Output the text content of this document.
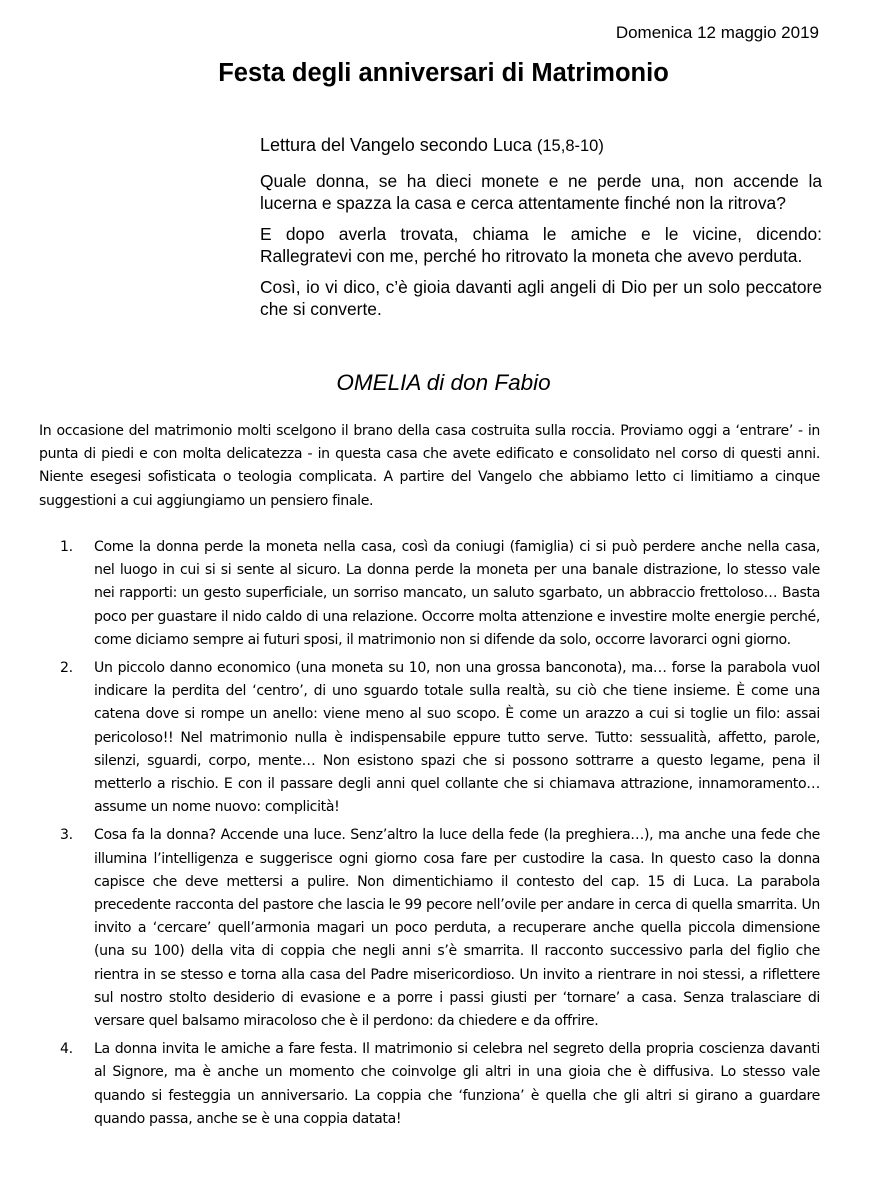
Domenica 12 maggio 2019
Festa degli anniversari di Matrimonio
Lettura del Vangelo secondo Luca (15,8-10)

Quale donna, se ha dieci monete e ne perde una, non accende la lucerna e spazza la casa e cerca attentamente finché non la ritrova?

E dopo averla trovata, chiama le amiche e le vicine, dicendo: Rallegratevi con me, perché ho ritrovato la moneta che avevo perduta.

Così, io vi dico, c’è gioia davanti agli angeli di Dio per un solo peccatore che si converte.

OMELIA di don Fabio

In occasione del matrimonio molti scelgono il brano della casa costruita sulla roccia. Proviamo oggi a ‘entrare’ - in punta di piedi e con molta delicatezza - in questa casa che avete edificato e consolidato nel corso di questi anni. Niente esegesi sofisticata o teologia complicata. A partire del Vangelo che abbiamo letto ci limitiamo a cinque suggestioni a cui aggiungiamo un pensiero finale.

1. Come la donna perde la moneta nella casa, così da coniugi (famiglia) ci si può perdere anche nella casa, nel luogo in cui si si sente al sicuro. La donna perde la moneta per una banale distrazione, lo stesso vale nei rapporti: un gesto superficiale, un sorriso mancato, un saluto sgarbato, un abbraccio frettoloso… Basta poco per guastare il nido caldo di una relazione. Occorre molta attenzione e investire molte energie perché, come diciamo sempre ai futuri sposi, il matrimonio non si difende da solo, occorre lavorarci ogni giorno.
2. Un piccolo danno economico (una moneta su 10, non una grossa banconota), ma… forse la parabola vuol indicare la perdita del ‘centro’, di uno sguardo totale sulla realtà, su ciò che tiene insieme. È come una catena dove si rompe un anello: viene meno al suo scopo. È come un arazzo a cui si toglie un filo: assai pericoloso!! Nel matrimonio nulla è indispensabile eppure tutto serve. Tutto: sessualità, affetto, parole, silenzi, sguardi, corpo, mente… Non esistono spazi che si possono sottrarre a questo legame, pena il metterlo a rischio. E con il passare degli anni quel collante che si chiamava attrazione, innamoramento… assume un nome nuovo: complicità!
3. Cosa fa la donna? Accende una luce. Senz’altro la luce della fede (la preghiera…), ma anche una fede che illumina l’intelligenza e suggerisce ogni giorno cosa fare per custodire la casa. In questo caso la donna capisce che deve mettersi a pulire. Non dimentichiamo il contesto del cap. 15 di Luca. La parabola precedente racconta del pastore che lascia le 99 pecore nell’ovile per andare in cerca di quella smarrita. Un invito a ‘cercare’ quell’armonia magari un poco perduta, a recuperare anche quella piccola dimensione (una su 100) della vita di coppia che negli anni s’è smarrita. Il racconto successivo parla del figlio che rientra in se stesso e torna alla casa del Padre misericordioso. Un invito a rientrare in noi stessi, a riflettere sul nostro stolto desiderio di evasione e a porre i passi giusti per ‘tornare’ a casa. Senza tralasciare di versare quel balsamo miracoloso che è il perdono: da chiedere e da offrire.
4. La donna invita le amiche a fare festa. Il matrimonio si celebra nel segreto della propria coscienza davanti al Signore, ma è anche un momento che coinvolge gli altri in una gioia che è diffusiva. Lo stesso vale quando si festeggia un anniversario. La coppia che ‘funziona’ è quella che gli altri si girano a guardare quando passa, anche se è una coppia datata!
